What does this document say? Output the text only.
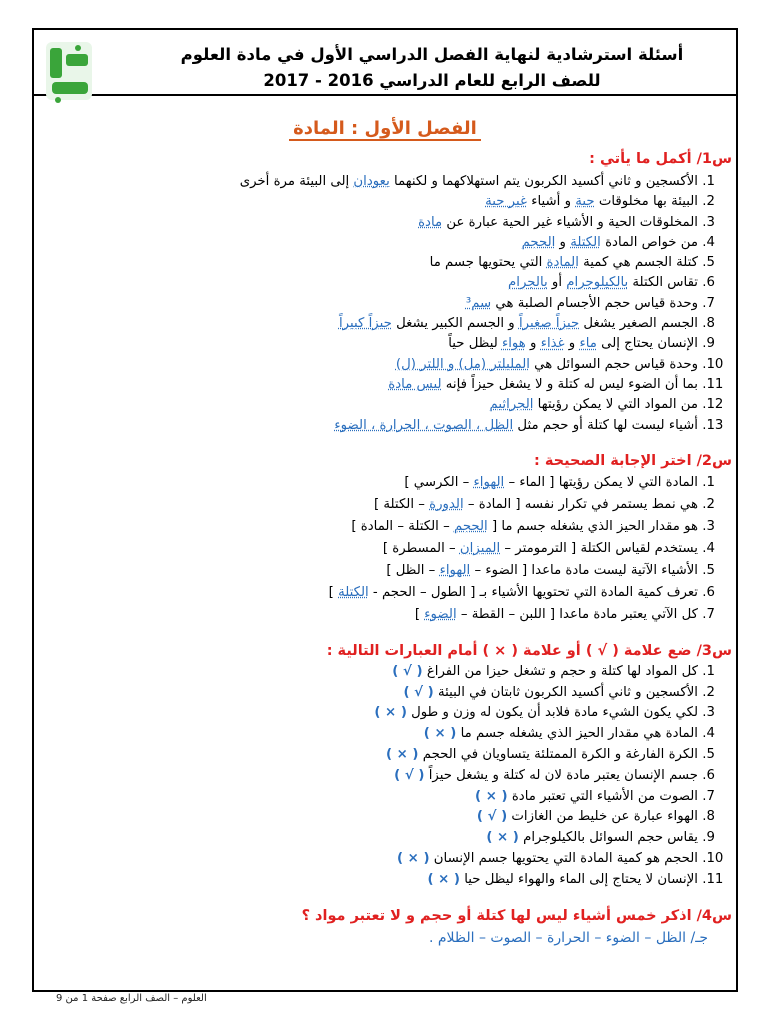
أسئلة استرشادية لنهاية الفصل الدراسي الأول في مادة العلوم
للصف الرابع للعام الدراسي 2016 - 2017
الفصل الأول : المادة
س1/ أكمل ما يأتي :
1. الأكسجين و ثاني أكسيد الكربون يتم استهلاكهما و لكنهما يعودان إلى البيئة مرة أخرى
2. البيئة بها مخلوقات حية و أشياء غير حية
3. المخلوقات الحية و الأشياء غير الحية عبارة عن مادة
4. من خواص المادة الكتلة و الحجم
5. كتلة الجسم هي كمية المادة التي يحتويها جسم ما
6. تقاس الكتلة بالكيلوجرام أو بالجرام
7. وحدة قياس حجم الأجسام الصلبة هي سم³
8. الجسم الصغير يشغل حيزاً صغيراً و الجسم الكبير يشغل حيزاً كبيراً
9. الإنسان يحتاج إلى ماء و غذاء و هواء ليظل حياً
10. وحدة قياس حجم السوائل هي المليلتر (مل) و اللتر (ل)
11. بما أن الضوء ليس له كتلة و لا يشغل حيزاً فإنه ليس مادة
12. من المواد التي لا يمكن رؤيتها الجراثيم
13. أشياء ليست لها كتلة أو حجم مثل الظل ، الصوت ، الحرارة ، الضوء
س2/ اختر الإجابة الصحيحة :
1. المادة التي لا يمكن رؤيتها [ الماء – الهواء – الكرسي ]
2. هي نمط يستمر في تكرار نفسه [ المادة – الدورة – الكتلة ]
3. هو مقدار الحيز الذي يشغله جسم ما [ الحجم – الكتلة – المادة ]
4. يستخدم لقياس الكتلة [ الترمومتر – الميزان – المسطرة ]
5. الأشياء الآتية ليست مادة ماعدا [ الضوء – الهواء – الظل ]
6. تعرف كمية المادة التي تحتويها الأشياء بـ [ الطول – الحجم - الكتلة ]
7. كل الآتي يعتبر مادة ماعدا [ اللبن – القطة – الضوء ]
س3/ ضع علامة ( √ ) أو علامة ( × ) أمام العبارات التالية :
1. كل المواد لها كتلة و حجم و تشغل حيزا من الفراغ ( √ )
2. الأكسجين و ثاني أكسيد الكربون ثابتان في البيئة ( √ )
3. لكي يكون الشيء مادة فلابد أن يكون له وزن و طول ( × )
4. المادة هي مقدار الحيز الذي يشغله جسم ما ( × )
5. الكرة الفارغة و الكرة الممتلئة يتساويان في الحجم ( × )
6. جسم الإنسان يعتبر مادة لان له كتلة و يشغل حيزاً ( √ )
7. الصوت من الأشياء التي تعتبر مادة ( × )
8. الهواء عبارة عن خليط من الغازات ( √ )
9. يقاس حجم السوائل بالكيلوجرام ( × )
10. الحجم هو كمية المادة التي يحتويها جسم الإنسان ( × )
11. الإنسان لا يحتاج إلى الماء والهواء ليظل حيا ( × )
س4/ اذكر خمس أشياء ليس لها كتلة أو حجم و لا تعتبر مواد ؟
جـ/ الظل – الضوء – الحرارة – الصوت – الظلام .
العلوم – الصف الرابع صفحة 1 من 9
